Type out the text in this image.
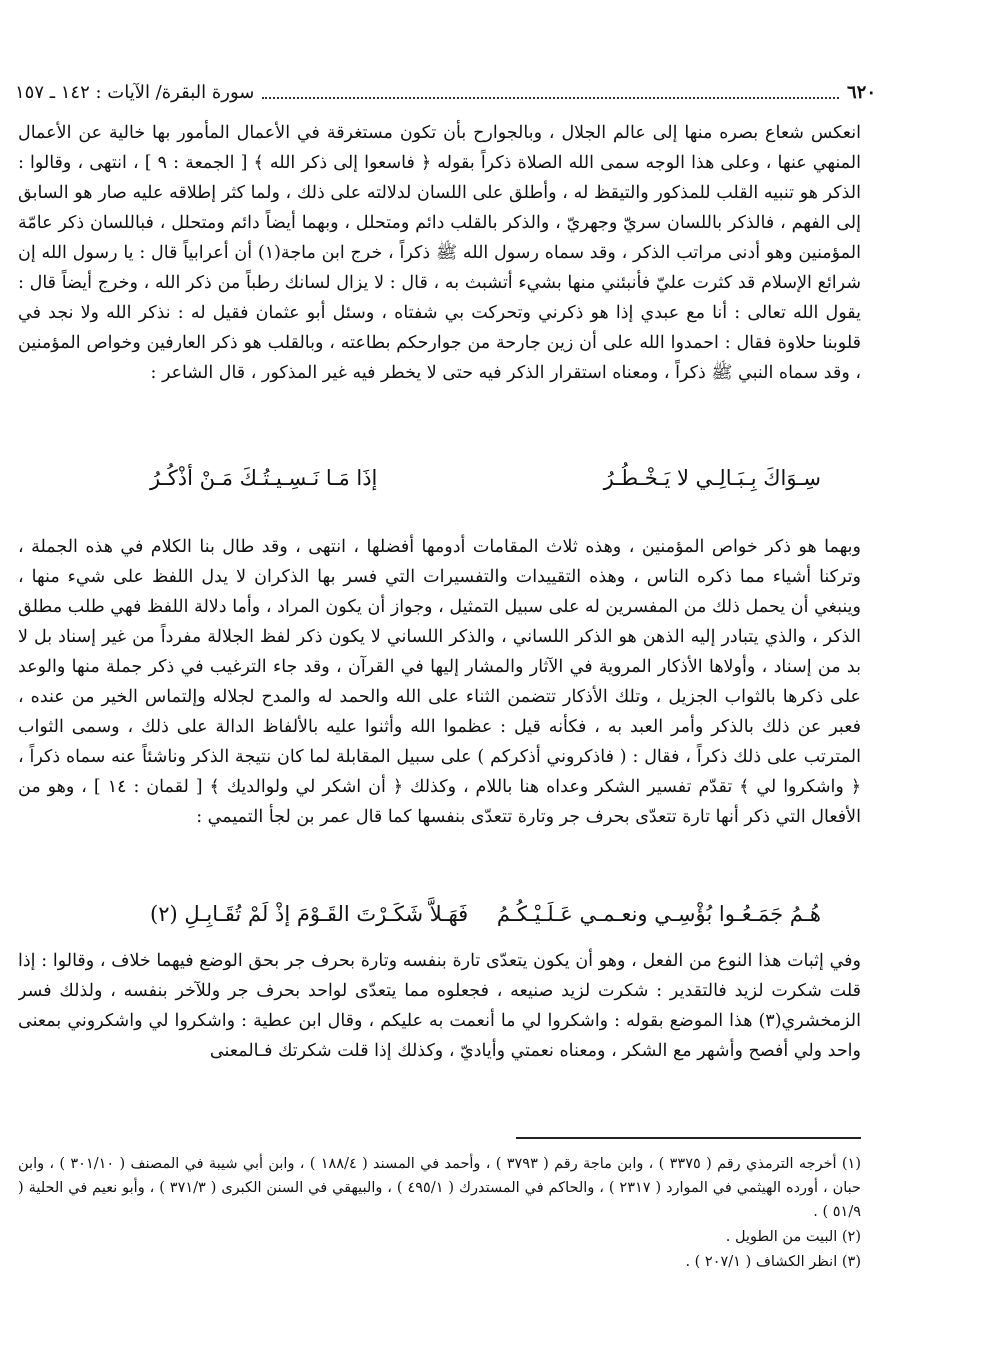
٦٢٠
سورة البقرة/ الآيات : ١٤٢ ـ ١٥٧

انعكس شعاع بصره منها إلى عالم الجلال ، وبالجوارح بأن تكون مستغرقة في الأعمال المأمور بها خالية عن الأعمال المنهي عنها ، وعلى هذا الوجه سمى الله الصلاة ذكراً بقوله ﴿ فاسعوا إلى ذكر الله ﴾ [ الجمعة : ٩ ] ، انتهى ، وقالوا : الذكر هو تنبيه القلب للمذكور والتيقظ له ، وأطلق على اللسان لدلالته على ذلك ، ولما كثر إطلاقه عليه صار هو السابق إلى الفهم ، فالذكر باللسان سريّ وجهريّ ، والذكر بالقلب دائم ومتحلل ، وبهما أيضاً دائم ومتحلل ، فباللسان ذكر عامّة المؤمنين وهو أدنى مراتب الذكر ، وقد سماه رسول الله ﷺ ذكراً ، خرج ابن ماجة(١) أن أعرابياً قال : يا رسول الله إن شرائع الإسلام قد كثرت عليّ فأنبئني منها بشيء أتشبث به ، قال : لا يزال لسانك رطباً من ذكر الله ، وخرج أيضاً قال : يقول الله تعالى : أنا مع عبدي إذا هو ذكرني وتحركت بي شفتاه ، وسئل أبو عثمان فقيل له : نذكر الله ولا نجد في قلوبنا حلاوة فقال : احمدوا الله على أن زين جارحة من جوارحكم بطاعته ، وبالقلب هو ذكر العارفين وخواص المؤمنين ، وقد سماه النبي ﷺ ذكراً ، ومعناه استقرار الذكر فيه حتى لا يخطر فيه غير المذكور ، قال الشاعر :

سِـوَاكَ بِـبَـالِـي لا يَـخْـطُـرُ
إذَا مَـا نَـسِـيـتُـكَ مَـنْ أذْكُـرُ

وبهما هو ذكر خواص المؤمنين ، وهذه ثلاث المقامات أدومها أفضلها ، انتهى ، وقد طال بنا الكلام في هذه الجملة ، وتركنا أشياء مما ذكره الناس ، وهذه التقييدات والتفسيرات التي فسر بها الذكران لا يدل اللفظ على شيء منها ، وينبغي أن يحمل ذلك من المفسرين له على سبيل التمثيل ، وجواز أن يكون المراد ، وأما دلالة اللفظ فهي طلب مطلق الذكر ، والذي يتبادر إليه الذهن هو الذكر اللساني ، والذكر اللساني لا يكون ذكر لفظ الجلالة مفرداً من غير إسناد بل لا بد من إسناد ، وأولاها الأذكار المروية في الآثار والمشار إليها في القرآن ، وقد جاء الترغيب في ذكر جملة منها والوعد على ذكرها بالثواب الجزيل ، وتلك الأذكار تتضمن الثناء على الله والحمد له والمدح لجلاله وإلتماس الخير من عنده ، فعبر عن ذلك بالذكر وأمر العبد به ، فكأنه قيل : عظموا الله وأثنوا عليه بالألفاظ الدالة على ذلك ، وسمى الثواب المترتب على ذلك ذكراً ، فقال : ( فاذكروني أذكركم ) على سبيل المقابلة لما كان نتيجة الذكر وناشئاً عنه سماه ذكراً ، ﴿ واشكروا لي ﴾ تقدّم تفسير الشكر وعداه هنا باللام ، وكذلك ﴿ أن اشكر لي ولوالديك ﴾ [ لقمان : ١٤ ] ، وهو من الأفعال التي ذكر أنها تارة تتعدّى بحرف جر وتارة تتعدّى بنفسها كما قال عمر بن لجأ التميمي :

هُـمُ جَمَـعُـوا بُؤْسِـي ونعـمـي عَـلَـيْـكُـمُ
فَهَـلاَّ شَكَـرْتَ القَـوْمَ إذْ لَمْ تُقَـابِـلِ (٢)

وفي إثبات هذا النوع من الفعل ، وهو أن يكون يتعدّى تارة بنفسه وتارة بحرف جر بحق الوضع فيهما خلاف ، وقالوا : إذا قلت شكرت لزيد فالتقدير : شكرت لزيد صنيعه ، فجعلوه مما يتعدّى لواحد بحرف جر وللآخر بنفسه ، ولذلك فسر الزمخشري(٣) هذا الموضع بقوله : واشكروا لي ما أنعمت به عليكم ، وقال ابن عطية : واشكروا لي واشكروني بمعنى واحد ولي أفصح وأشهر مع الشكر ، ومعناه نعمتي وأياديّ ، وكذلك إذا قلت شكرتك فـالمعنى

(١) أخرجه الترمذي رقم ( ٣٣٧٥ ) ، وابن ماجة رقم ( ٣٧٩٣ ) ، وأحمد في المسند ( ١٨٨/٤ ) ، وابن أبي شيبة في المصنف ( ٣٠١/١٠ ) ، وابن حبان ، أورده الهيثمي في الموارد ( ٢٣١٧ ) ، والحاكم في المستدرك ( ٤٩٥/١ ) ، والبيهقي في السنن الكبرى ( ٣٧١/٣ ) ، وأبو نعيم في الحلية ( ٥١/٩ ) .

(٢) البيت من الطويل .

(٣) انظر الكشاف ( ٢٠٧/١ ) .
